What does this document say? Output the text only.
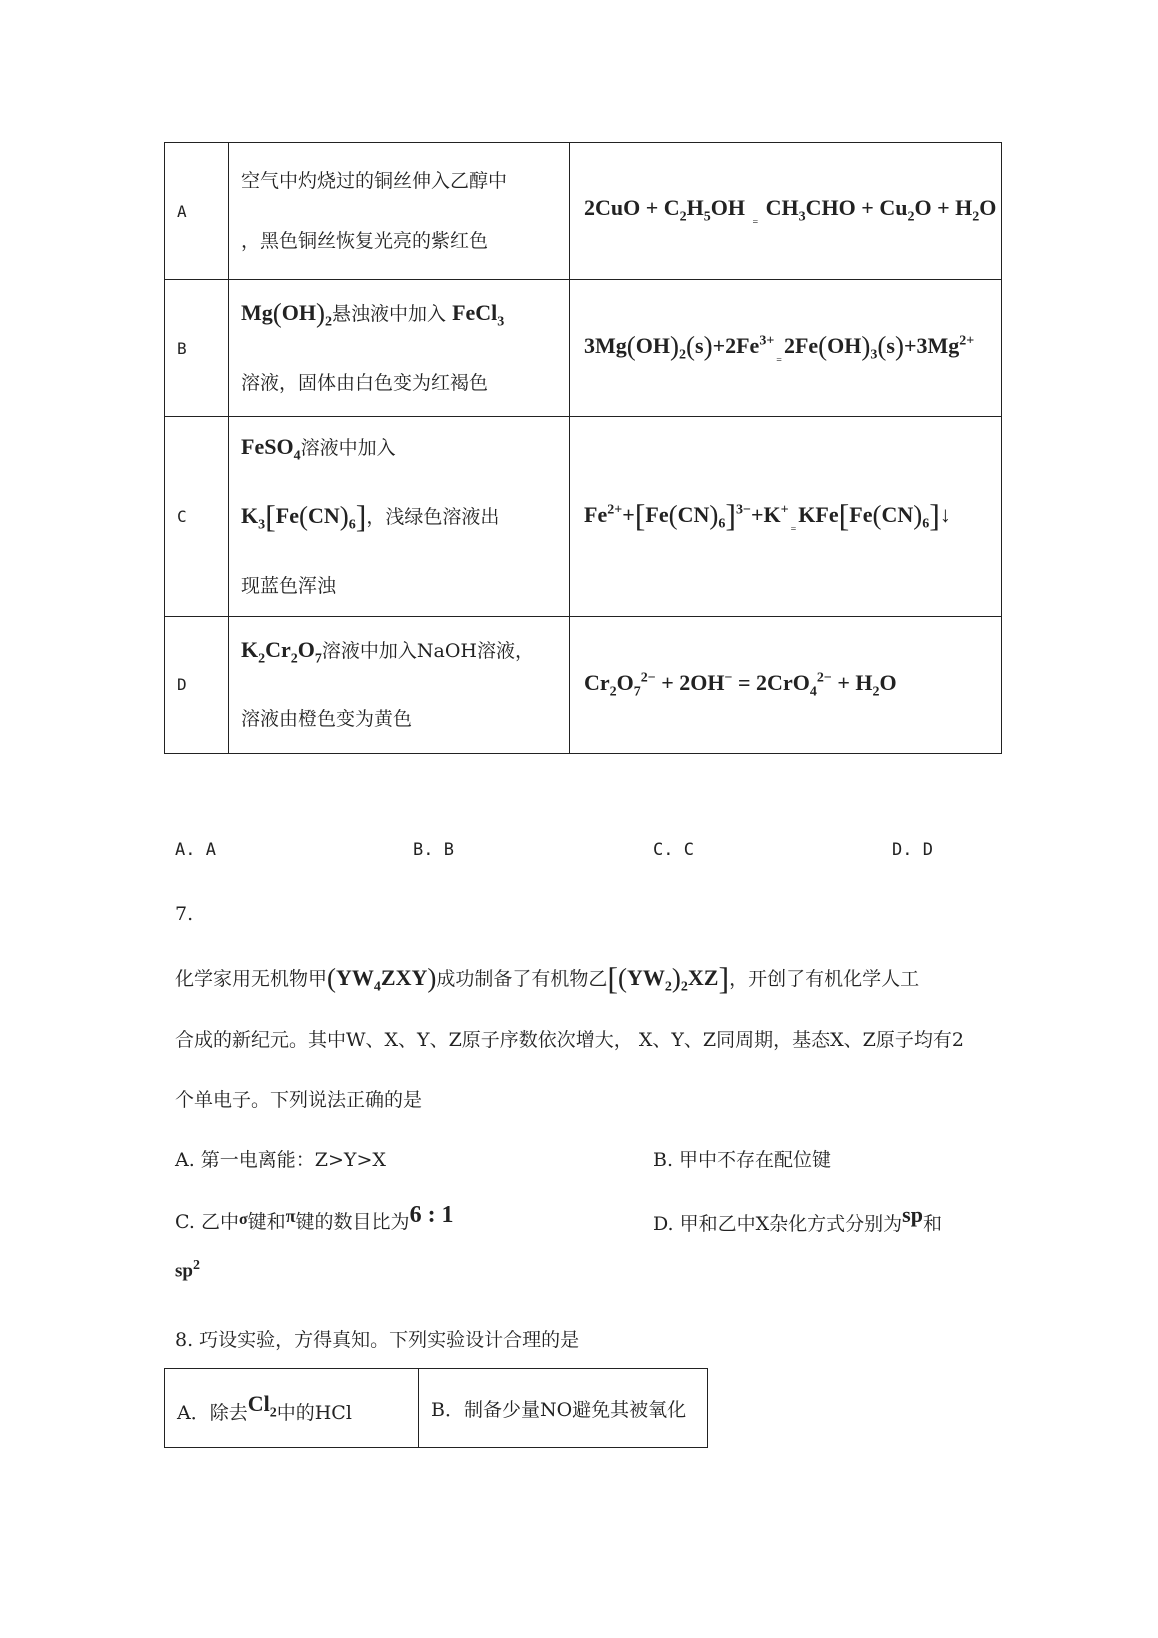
A	空气中灼烧过的铜丝伸入乙醇中
，黑色铜丝恢复光亮的紫红色	$2CuO + C_2H_5OH$ $_=$ $CH_3CHO + Cu_2O + H_2O$
B	$Mg(OH)_2$悬浊液中加入 FeCl$_3$
溶液，固体由白色变为红褐色	$3Mg(OH)_2(s)+2Fe^{3+}_=2Fe(OH)_3(s)+3Mg^{2+}$
C	FeSO$_4$溶液中加入
$K_3[Fe(CN)_6]$，浅绿色溶液出
现蓝色浑浊	$Fe^{2+}+[Fe(CN)_6]^{3-}+K^+_=KFe[Fe(CN)_6]↓$
D	$K_2Cr_2O_7$溶液中加入NaOH溶液，
溶液由橙色变为黄色	$Cr_2O_7^{2-} + 2OH^- = 2CrO_4^{2-} + H_2O$
A. A	B. B	C. C	D. D
7.
化学家用无机物甲$(YW_4ZXY)$成功制备了有机物乙$[(YW_2)_2XZ]$，开创了有机化学人工
合成的新纪元。其中W、X、Y、Z原子序数依次增大， X、Y、Z同周期，基态X、Z原子均有2
个单电子。下列说法正确的是
A. 第一电离能：Z>Y>X	B. 甲中不存在配位键
C. 乙中$^\sigma$键和π键的数目比为6 : 1	D. 甲和乙中X杂化方式分别为sp和
$sp^2$
8. 巧设实验，方得真知。下列实验设计合理的是
A．除去$Cl_2$中的HCl	B．制备少量NO避免其被氧化
